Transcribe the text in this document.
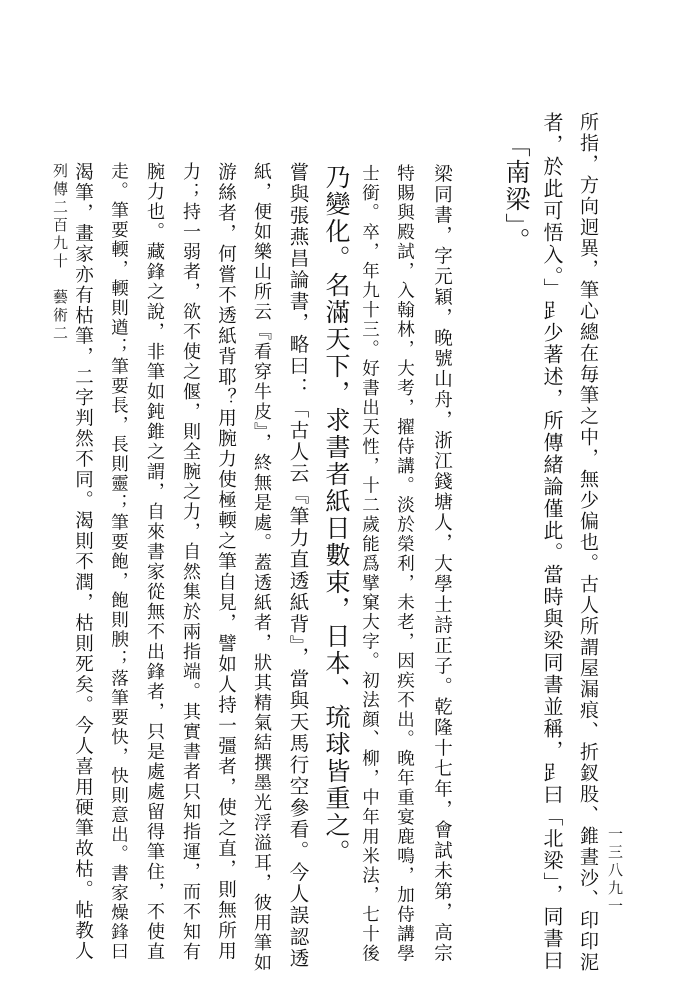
所指，方向迥異，筆心總在毎筆之中，無少偏也。古人所謂屋漏痕、折釵股、錐晝沙、印印泥
者，於此可悟入。」𧾷少著述，所傳緒論僅此。當時與梁同書並稱，𧾷曰「北梁」，同書曰
「南梁」。
梁同書，字元穎，晚號山舟，浙江錢塘人，大學士詩正子。乾隆十七年，會試未第，高宗
特賜與殿試，入翰林，大考，擢侍講。淡於榮利，未老，因疾不出。晚年重宴鹿鳴，加侍講學
士銜。卒，年九十三。好書出天性，十二歲能爲擘窠大字。初法顔、柳，中年用米法，七十後
乃變化。名滿天下，求書者紙日數束，日本、琉球皆重之。
嘗與張燕昌論書，略曰：「古人云『筆力直透紙背』，當與天馬行空參看。今人誤認透
紙，便如樂山所云『看穿牛皮』，終無是處。蓋透紙者，狀其精氣結撰墨光浮溢耳，彼用筆如
游絲者，何嘗不透紙背耶？用腕力使極輭之筆自見，譬如人持一彊者，使之直，則無所用
力；持一弱者，欲不使之偃，則全腕之力，自然集於兩指端。其實書者只知指運，而不知有
腕力也。藏鋒之說，非筆如鈍錐之謂，自來書家從無不出鋒者，只是處處留得筆住，不使直
走。筆要輭，輭則遒；筆要長，長則靈；筆要飽，飽則腴；落筆要快，快則意出。書家燥鋒曰
渴筆，畫家亦有枯筆，二字判然不同。渴則不潤，枯則死矣。今人喜用硬筆故枯。帖教人
列傳二百九十　藝術二
一三八九一
